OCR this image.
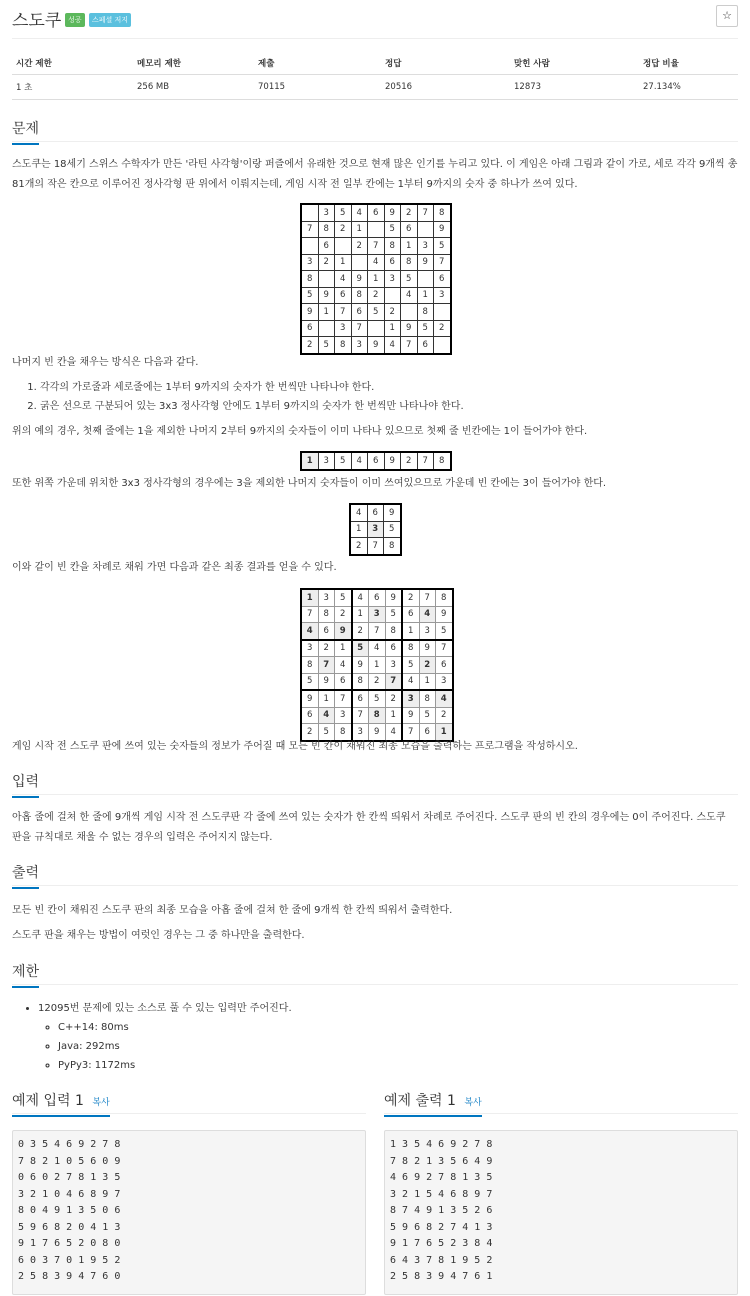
스도쿠 성공	스페셜 저지	☆
시간 제한	메모리 제한	제출	정답	맞힌 사람	정답 비율
1 초	256 MB	70115	20516	12873	27.134%
문제

스도쿠는 18세기 스위스 수학자가 만든 '라틴 사각형'이랑 퍼즐에서 유래한 것으로 현재 많은 인기를 누리고 있다. 이 게임은 아래 그림과 같이 가로, 세로 각각 9개씩 총 81개의 작은 칸으로 이루어진 정사각형 판 위에서 이뤄지는데, 게임 시작 전 일부 칸에는 1부터 9까지의 숫자 중 하나가 쓰여 있다.

	3	5	4	6	9	2	7	8
7	8	2	1		5	6		9
	6		2	7	8	1	3	5
3	2	1		4	6	8	9	7
8		4	9	1	3	5		6
5	9	6	8	2		4	1	3
9	1	7	6	5	2		8	
6		3	7		1	9	5	2
2	5	8	3	9	4	7	6	

나머지 빈 칸을 채우는 방식은 다음과 같다.

1. 각각의 가로줄과 세로줄에는 1부터 9까지의 숫자가 한 번씩만 나타나야 한다.
2. 굵은 선으로 구분되어 있는 3x3 정사각형 안에도 1부터 9까지의 숫자가 한 번씩만 나타나야 한다.

위의 예의 경우, 첫째 줄에는 1을 제외한 나머지 2부터 9까지의 숫자들이 이미 나타나 있으므로 첫째 줄 빈칸에는 1이 들어가야 한다.

1	3	5	4	6	9	2	7	8

또한 위쪽 가운데 위치한 3x3 정사각형의 경우에는 3을 제외한 나머지 숫자들이 이미 쓰여있으므로 가운데 빈 칸에는 3이 들어가야 한다.

4	6	9
1	3	5
2	7	8

이와 같이 빈 칸을 차례로 채워 가면 다음과 같은 최종 결과를 얻을 수 있다.

1	3	5	4	6	9	2	7	8
7	8	2	1	3	5	6	4	9
4	6	9	2	7	8	1	3	5
3	2	1	5	4	6	8	9	7
8	7	4	9	1	3	5	2	6
5	9	6	8	2	7	4	1	3
9	1	7	6	5	2	3	8	4
6	4	3	7	8	1	9	5	2
2	5	8	3	9	4	7	6	1

게임 시작 전 스도쿠 판에 쓰여 있는 숫자들의 정보가 주어질 때 모든 빈 칸이 채워진 최종 모습을 출력하는 프로그램을 작성하시오.

입력

아홉 줄에 걸쳐 한 줄에 9개씩 게임 시작 전 스도쿠판 각 줄에 쓰여 있는 숫자가 한 칸씩 띄워서 차례로 주어진다. 스도쿠 판의 빈 칸의 경우에는 0이 주어진다. 스도쿠 판을 규칙대로 채울 수 없는 경우의 입력은 주어지지 않는다.

출력

모든 빈 칸이 채워진 스도쿠 판의 최종 모습을 아홉 줄에 걸쳐 한 줄에 9개씩 한 칸씩 띄워서 출력한다.

스도쿠 판을 채우는 방법이 여럿인 경우는 그 중 하나만을 출력한다.

제한
• 12095번 문제에 있는 소스로 풀 수 있는 입력만 주어진다.
◦ C++14: 80ms
◦ Java: 292ms
◦ PyPy3: 1172ms
예제 입력 1 복사
0 3 5 4 6 9 2 7 8
7 8 2 1 0 5 6 0 9
0 6 0 2 7 8 1 3 5
3 2 1 0 4 6 8 9 7
8 0 4 9 1 3 5 0 6
5 9 6 8 2 0 4 1 3
9 1 7 6 5 2 0 8 0
6 0 3 7 0 1 9 5 2
2 5 8 3 9 4 7 6 0
예제 출력 1 복사
1 3 5 4 6 9 2 7 8
7 8 2 1 3 5 6 4 9
4 6 9 2 7 8 1 3 5
3 2 1 5 4 6 8 9 7
8 7 4 9 1 3 5 2 6
5 9 6 8 2 7 4 1 3
9 1 7 6 5 2 3 8 4
6 4 3 7 8 1 9 5 2
2 5 8 3 9 4 7 6 1
